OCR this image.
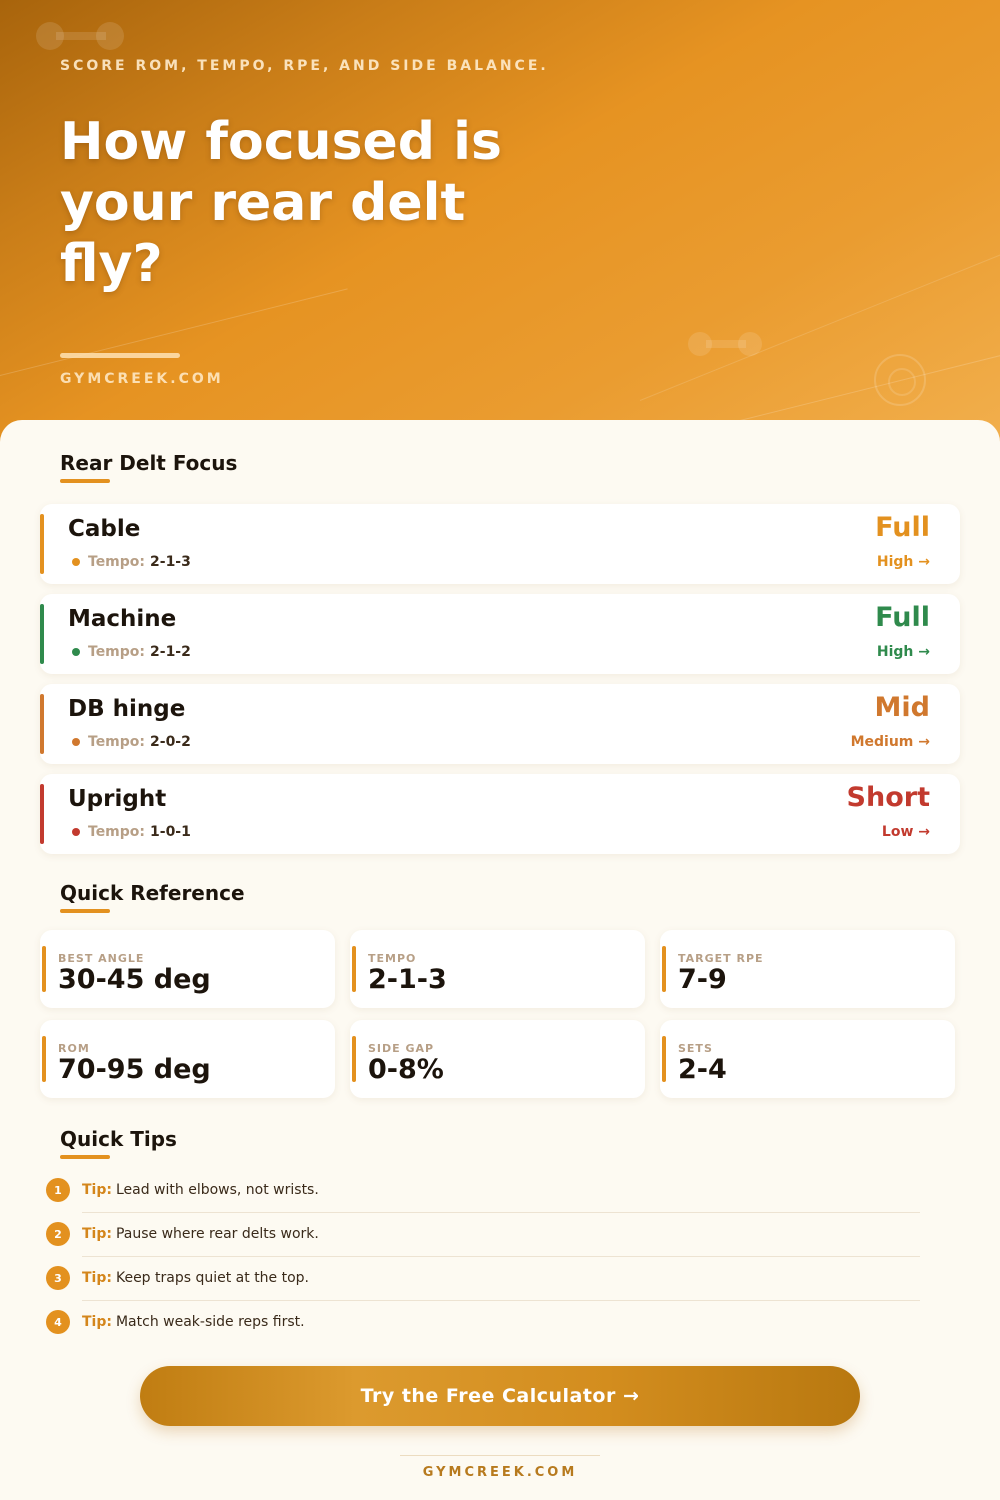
SCORE ROM, TEMPO, RPE, AND SIDE BALANCE.
How focused is your rear delt fly?
GYMCREEK.COM
Rear Delt Focus
Cable
Tempo: 2-1-3
Full
High →
Machine
Tempo: 2-1-2
Full
High →
DB hinge
Tempo: 2-0-2
Mid
Medium →
Upright
Tempo: 1-0-1
Short
Low →
Quick Reference
BEST ANGLE
30-45 deg
TEMPO
2-1-3
TARGET RPE
7-9
ROM
70-95 deg
SIDE GAP
0-8%
SETS
2-4
Quick Tips
1	Tip: Lead with elbows, not wrists.
2	Tip: Pause where rear delts work.
3	Tip: Keep traps quiet at the top.
4	Tip: Match weak-side reps first.
Try the Free Calculator →
GYMCREEK.COM
